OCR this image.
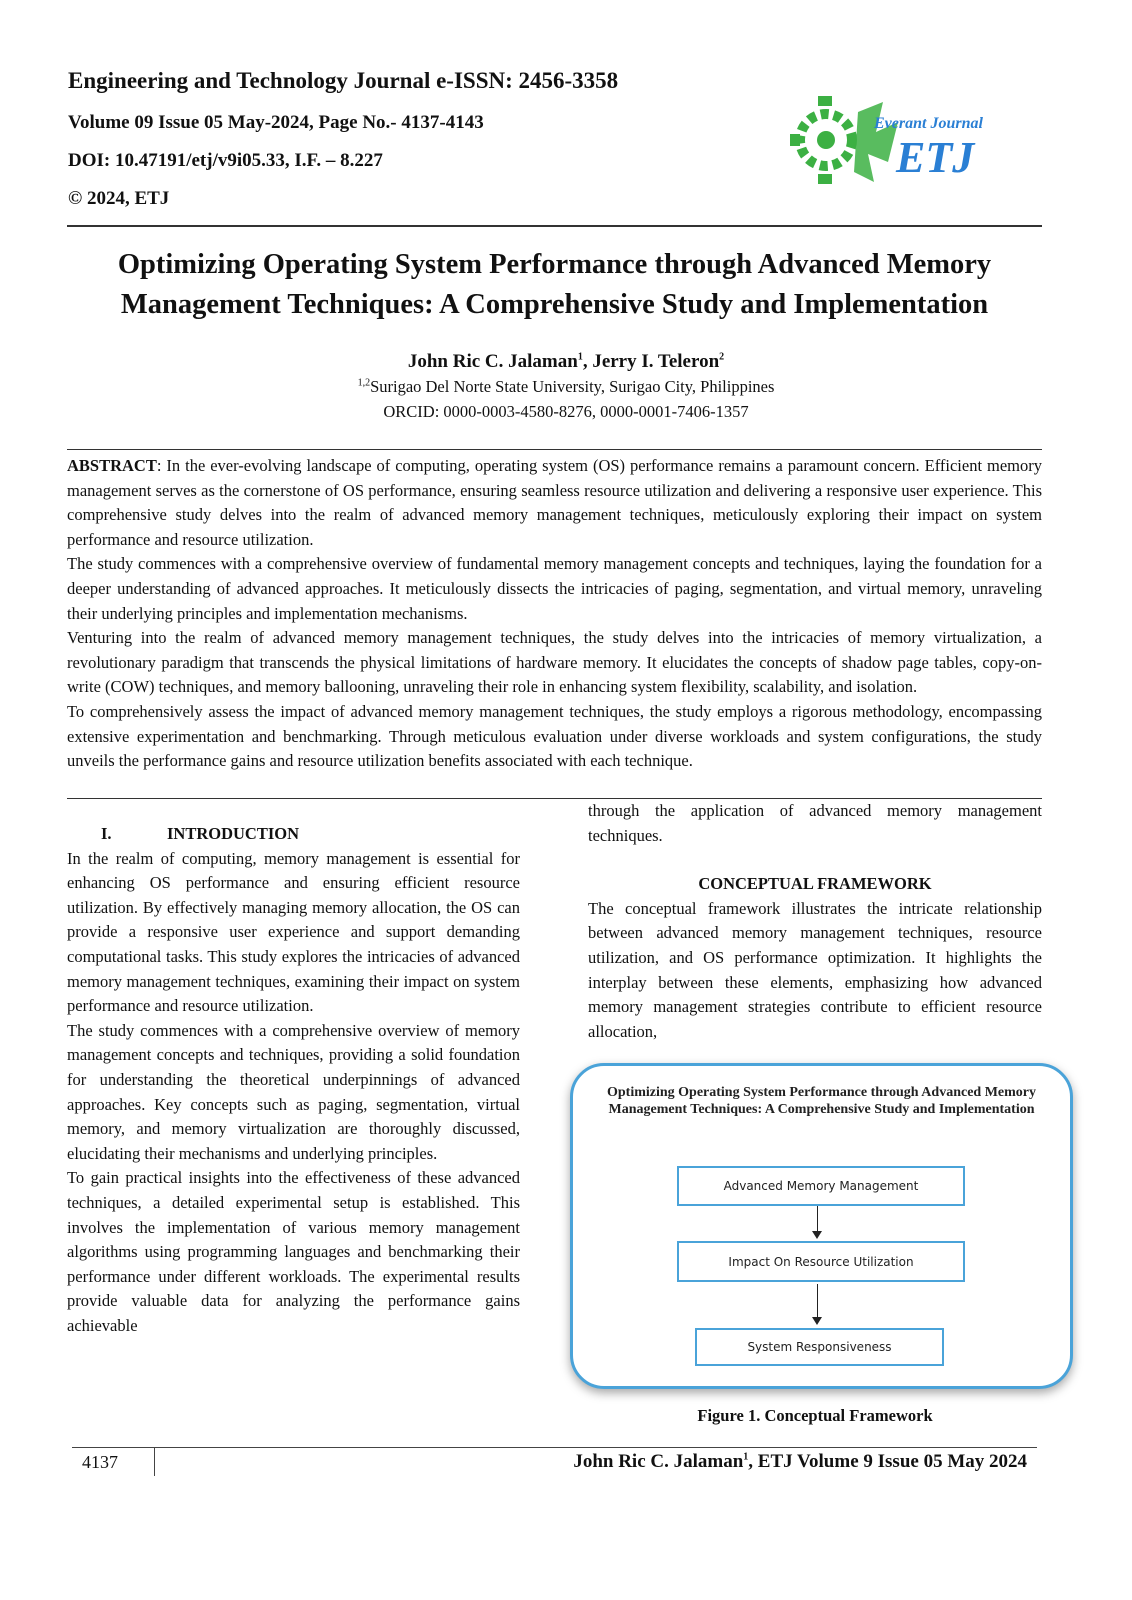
Engineering and Technology Journal e-ISSN: 2456-3358
Volume 09 Issue 05 May-2024, Page No.- 4137-4143
DOI: 10.47191/etj/v9i05.33, I.F. – 8.227
© 2024, ETJ
Everant Journal
ETJ
Optimizing Operating System Performance through Advanced Memory Management Techniques: A Comprehensive Study and Implementation
John Ric C. Jalaman$^1$, Jerry I. Teleron$^2$
$^{1,2}$Surigao Del Norte State University, Surigao City, Philippines
ORCID: 0000-0003-4580-8276, 0000-0001-7406-1357

ABSTRACT: In the ever-evolving landscape of computing, operating system (OS) performance remains a paramount concern. Efficient memory management serves as the cornerstone of OS performance, ensuring seamless resource utilization and delivering a responsive user experience. This comprehensive study delves into the realm of advanced memory management techniques, meticulously exploring their impact on system performance and resource utilization.

The study commences with a comprehensive overview of fundamental memory management concepts and techniques, laying the foundation for a deeper understanding of advanced approaches. It meticulously dissects the intricacies of paging, segmentation, and virtual memory, unraveling their underlying principles and implementation mechanisms.

Venturing into the realm of advanced memory management techniques, the study delves into the intricacies of memory virtualization, a revolutionary paradigm that transcends the physical limitations of hardware memory. It elucidates the concepts of shadow page tables, copy-on-write (COW) techniques, and memory ballooning, unraveling their role in enhancing system flexibility, scalability, and isolation.

To comprehensively assess the impact of advanced memory management techniques, the study employs a rigorous methodology, encompassing extensive experimentation and benchmarking. Through meticulous evaluation under diverse workloads and system configurations, the study unveils the performance gains and resource utilization benefits associated with each technique.

I.	INTRODUCTION

In the realm of computing, memory management is essential for enhancing OS performance and ensuring efficient resource utilization. By effectively managing memory allocation, the OS can provide a responsive user experience and support demanding computational tasks. This study explores the intricacies of advanced memory management techniques, examining their impact on system performance and resource utilization.

The study commences with a comprehensive overview of memory management concepts and techniques, providing a solid foundation for understanding the theoretical underpinnings of advanced approaches. Key concepts such as paging, segmentation, virtual memory, and memory virtualization are thoroughly discussed, elucidating their mechanisms and underlying principles.

To gain practical insights into the effectiveness of these advanced techniques, a detailed experimental setup is established. This involves the implementation of various memory management algorithms using programming languages and benchmarking their performance under different workloads. The experimental results provide valuable data for analyzing the performance gains achievable

through the application of advanced memory management techniques.

CONCEPTUAL FRAMEWORK

The conceptual framework illustrates the intricate relationship between advanced memory management techniques, resource utilization, and OS performance optimization. It highlights the interplay between these elements, emphasizing how advanced memory management strategies contribute to efficient resource allocation,

Optimizing Operating System Performance through Advanced Memory Management Techniques: A Comprehensive Study and Implementation
Advanced Memory Management
Impact On Resource Utilization
System Responsiveness
Figure 1. Conceptual Framework
4137	John Ric C. Jalaman$^1$, ETJ Volume 9 Issue 05 May 2024
